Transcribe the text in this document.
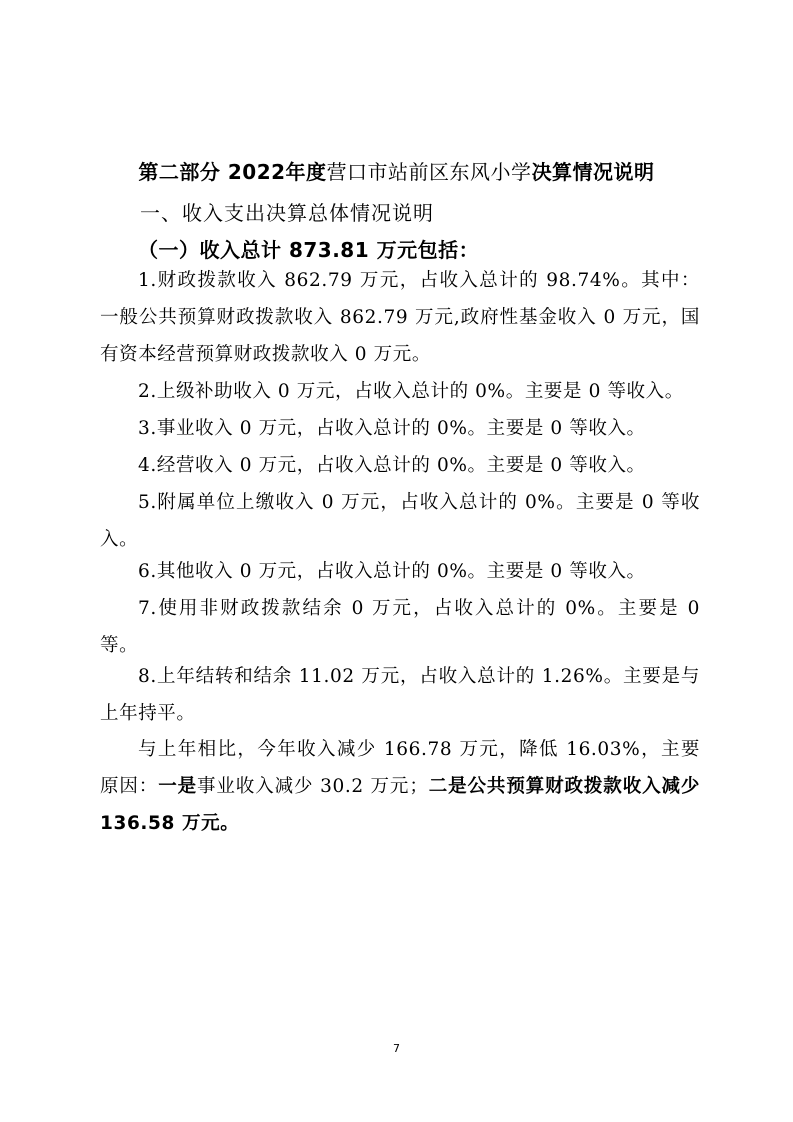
第二部分 2022年度营口市站前区东风小学决算情况说明
一、收入支出决算总体情况说明
（一）收入总计 873.81 万元包括：
1.财政拨款收入 862.79 万元，占收入总计的 98.74%。其中：一般公共预算财政拨款收入 862.79 万元,政府性基金收入 0 万元，国有资本经营预算财政拨款收入 0 万元。
2.上级补助收入 0 万元，占收入总计的 0%。主要是 0 等收入。
3.事业收入 0 万元，占收入总计的 0%。主要是 0 等收入。
4.经营收入 0 万元，占收入总计的 0%。主要是 0 等收入。
5.附属单位上缴收入 0 万元，占收入总计的 0%。主要是 0 等收入。
6.其他收入 0 万元，占收入总计的 0%。主要是 0 等收入。
7.使用非财政拨款结余 0 万元，占收入总计的 0%。主要是 0 等。
8.上年结转和结余 11.02 万元，占收入总计的 1.26%。主要是与上年持平。
与上年相比，今年收入减少 166.78 万元，降低 16.03%，主要原因：一是事业收入减少 30.2 万元；二是公共预算财政拨款收入减少 136.58 万元。
7
